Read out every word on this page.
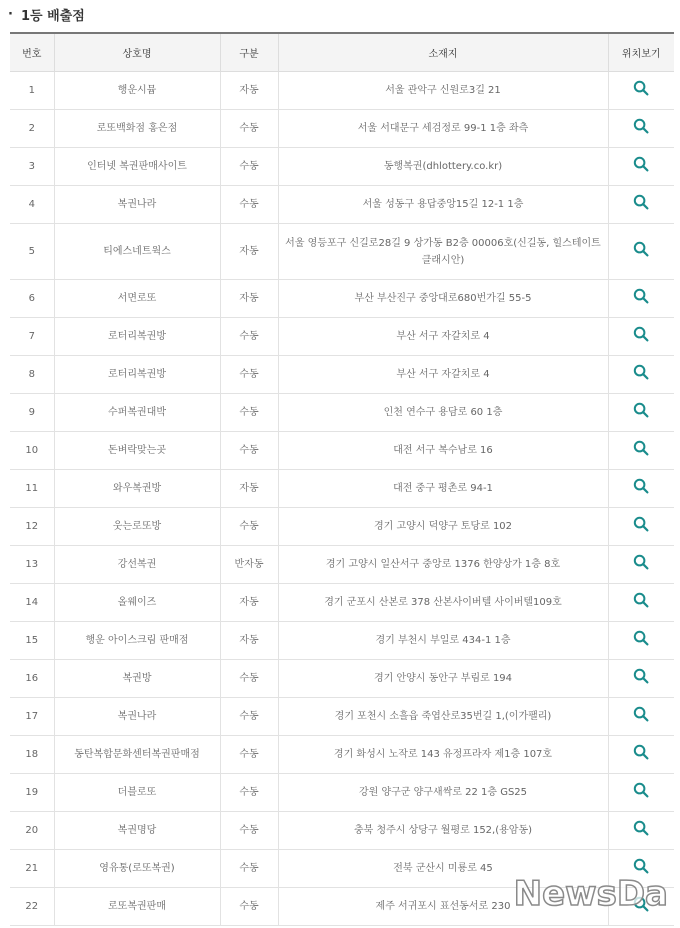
· 1등 배출점
번호	상호명	구분	소재지	위치보기
1	행운시뮴	자동	서울 관악구 신원로3길 21	

2	로또백화점 홍은점	수동	서울 서대문구 세검정로 99-1 1층 좌측	

3	인터넷 복권판매사이트	수동	동행복권(dhlottery.co.kr)	

4	복권나라	수동	서울 성동구 용답중앙15길 12-1 1층	

5	티에스네트웍스	자동	서울 영등포구 신길로28길 9 상가동 B2층 00006호(신길동, 힐스테이트클래시안)	

6	서면로또	자동	부산 부산진구 중앙대로680번가길 55-5	

7	로터리복권방	수동	부산 서구 자갈치로 4	

8	로터리복권방	수동	부산 서구 자갈치로 4	

9	수퍼복권대박	수동	인천 연수구 용담로 60 1층	

10	돈벼락맞는곳	수동	대전 서구 복수남로 16	

11	와우복권방	자동	대전 중구 평촌로 94-1	

12	웃는로또방	수동	경기 고양시 덕양구 토당로 102	

13	강선복권	반자동	경기 고양시 일산서구 중앙로 1376 한양상가 1층 8호	

14	올웨이즈	자동	경기 군포시 산본로 378 산본사이버텔 사이버텔109호	

15	행운 아이스크림 판매점	자동	경기 부천시 부일로 434-1 1층	

16	복권방	수동	경기 안양시 동안구 부림로 194	

17	복권나라	수동	경기 포천시 소흘읍 죽엽산로35번길 1,(이가팰리)	

18	동탄복합문화센터복권판매점	수동	경기 화성시 노작로 143 유정프라자 제1층 107호	

19	더블로또	수동	강원 양구군 양구새싹로 22 1층 GS25	

20	복권명당	수동	충북 청주시 상당구 월평로 152,(용암동)	

21	영유통(로또복권)	수동	전북 군산시 미룡로 45	

22	로또복권판매	수동	제주 서귀포시 표선동서로 230	NewsDa
